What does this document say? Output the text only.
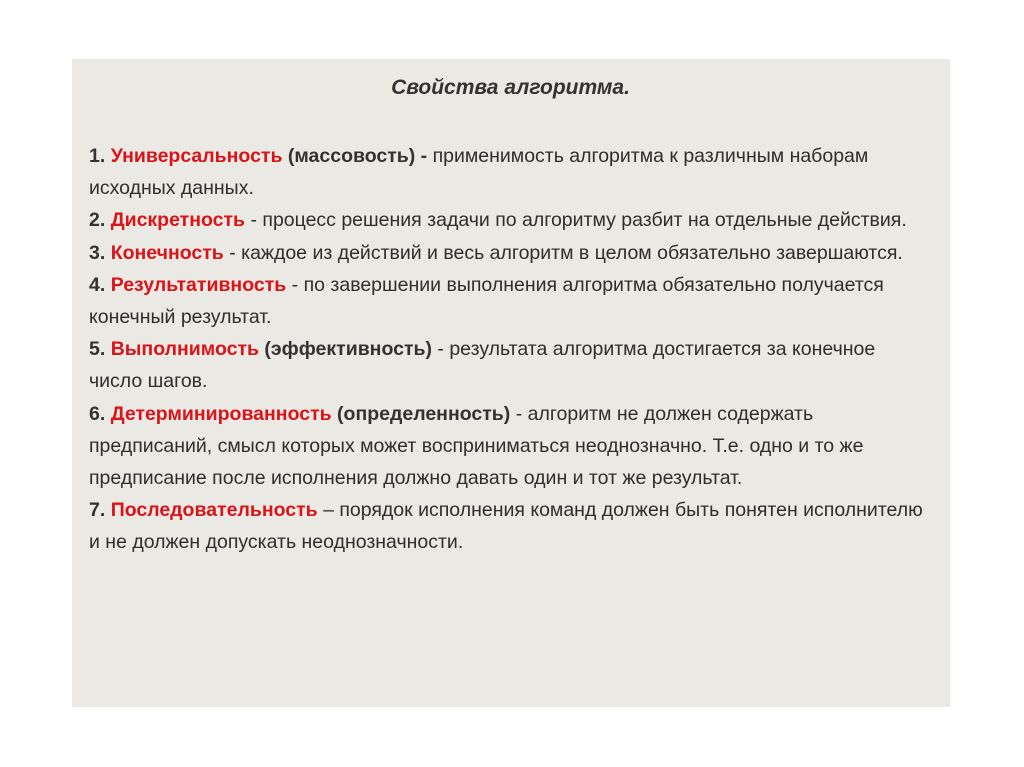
Свойства алгоритма.
1. Универсальность (массовость) - применимость алгоритма к различным наборам исходных данных.
2. Дискретность - процесс решения задачи по алгоритму разбит на отдельные действия.
3. Конечность - каждое из действий и весь алгоритм в целом обязательно завершаются.
4. Результативность - по завершении выполнения алгоритма обязательно получается конечный результат.
5. Выполнимость (эффективность) - результата алгоритма достигается за конечное число шагов.
6. Детерминированность (определенность) - алгоритм не должен содержать предписаний, смысл которых может восприниматься неоднозначно. Т.е. одно и то же предписание после исполнения должно давать один и тот же результат.
7. Последовательность – порядок исполнения команд должен быть понятен исполнителю и не должен допускать неоднозначности.
